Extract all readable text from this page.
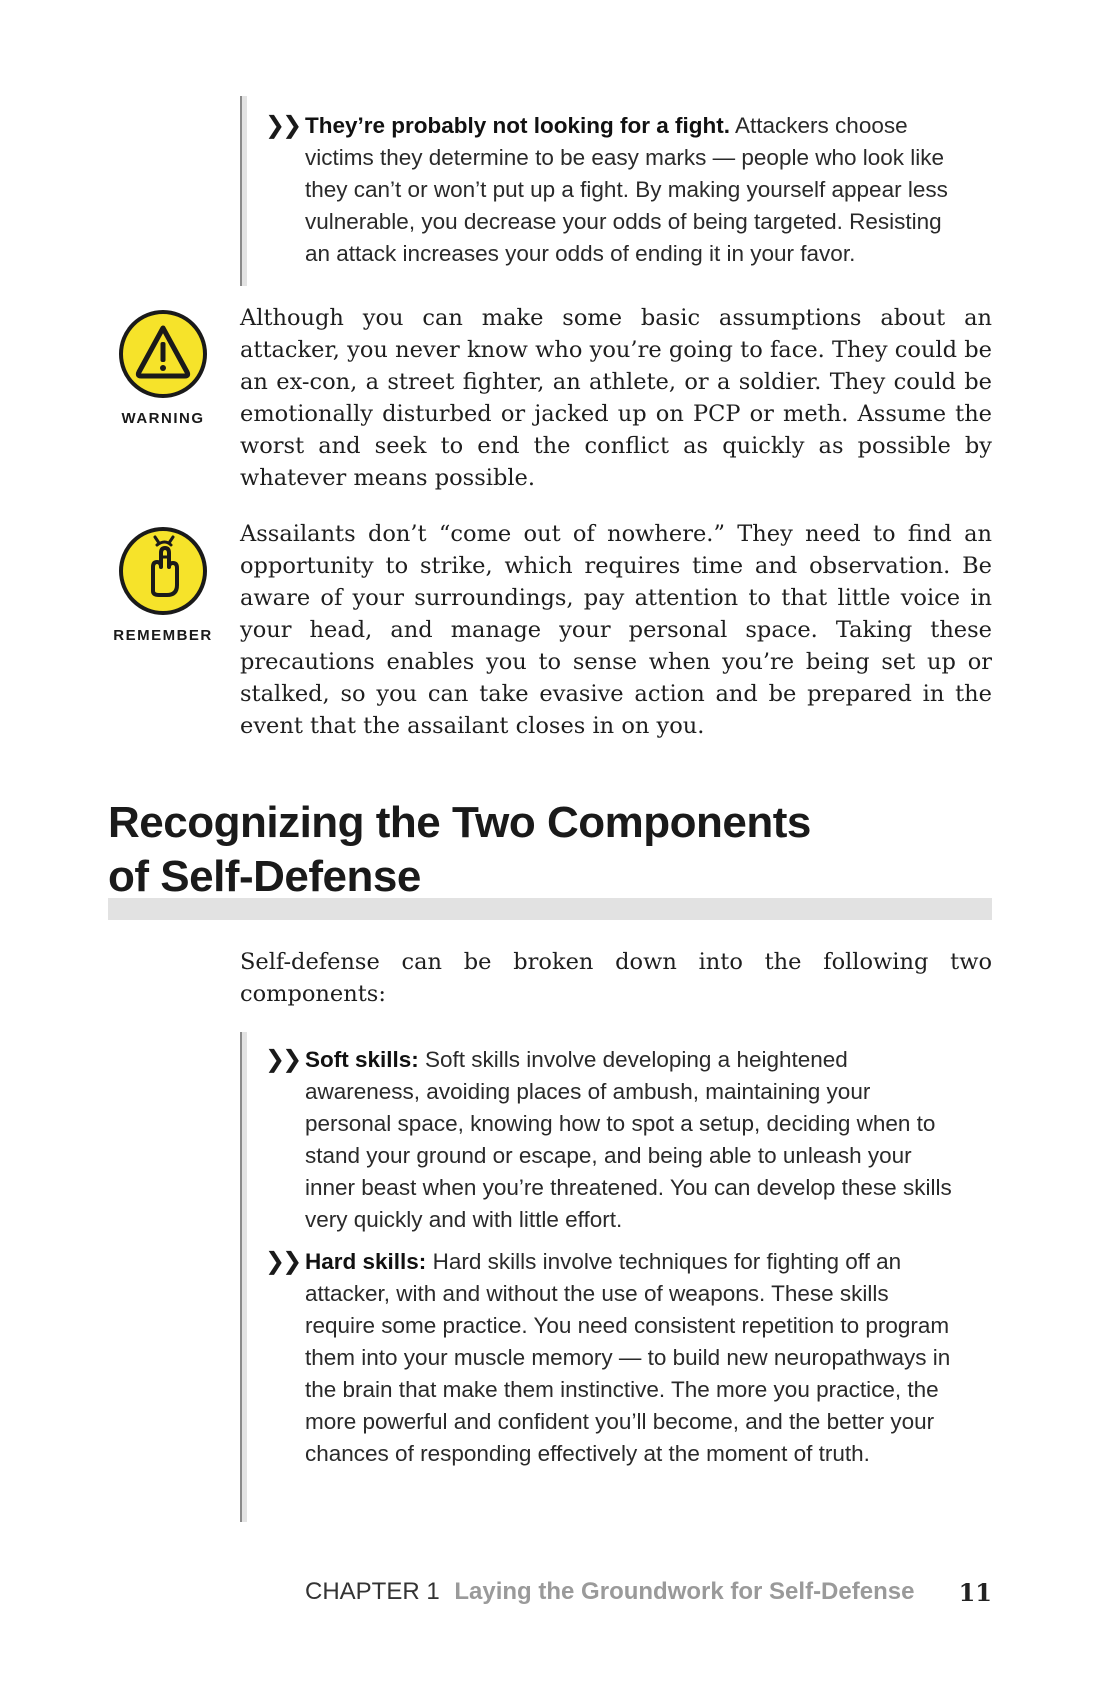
❯❯ They’re probably not looking for a fight. Attackers choose victims they determine to be easy marks — people who look like they can’t or won’t put up a fight. By making yourself appear less vulnerable, you decrease your odds of being targeted. Resisting an attack increases your odds of ending it in your favor.
WARNING
Although you can make some basic assumptions about an attacker, you never know who you’re going to face. They could be an ex-con, a street fighter, an athlete, or a soldier. They could be emotionally disturbed or jacked up on PCP or meth. Assume the worst and seek to end the conflict as quickly as possible by whatever means possible.
REMEMBER
Assailants don’t “come out of nowhere.” They need to find an opportunity to strike, which requires time and observation. Be aware of your surroundings, pay attention to that little voice in your head, and manage your personal space. Taking these precautions enables you to sense when you’re being set up or stalked, so you can take evasive action and be prepared in the event that the assailant closes in on you.
Recognizing the Two Components
of Self-Defense
Self-defense can be broken down into the following two components:
❯❯ Soft skills: Soft skills involve developing a heightened awareness, avoiding places of ambush, maintaining your personal space, knowing how to spot a setup, deciding when to stand your ground or escape, and being able to unleash your inner beast when you’re threatened. You can develop these skills very quickly and with little effort.
❯❯ Hard skills: Hard skills involve techniques for fighting off an attacker, with and without the use of weapons. These skills require some practice. You need consistent repetition to program them into your muscle memory — to build new neuropathways in the brain that make them instinctive. The more you practice, the more powerful and confident you’ll become, and the better your chances of responding effectively at the moment of truth.
CHAPTER 1 Laying the Groundwork for Self-Defense 11
